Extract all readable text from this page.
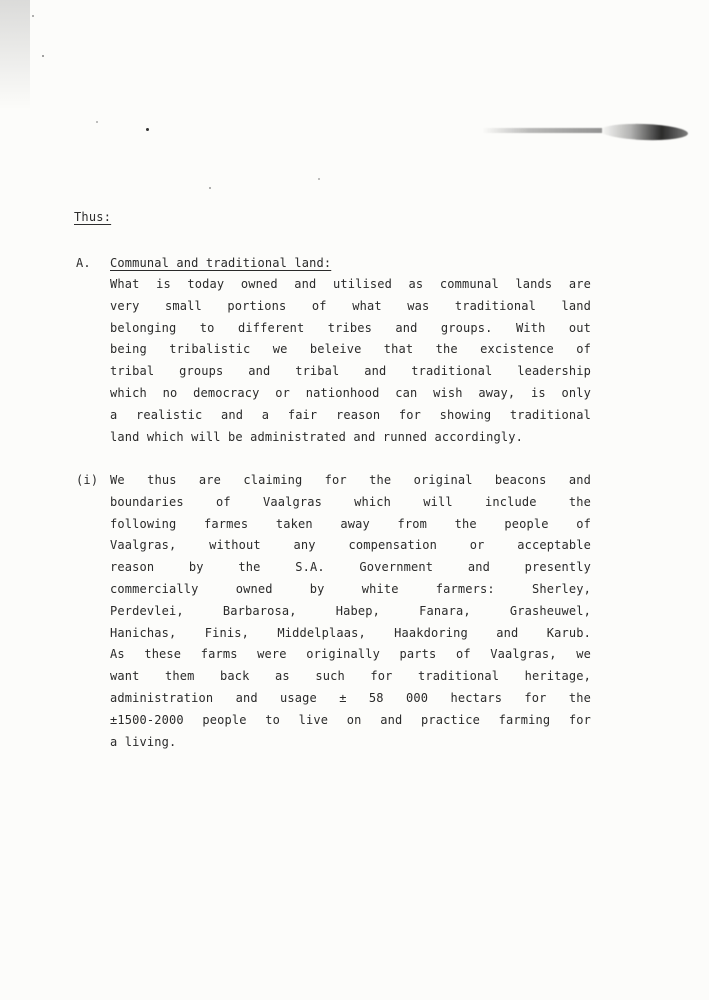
Thus:
A. Communal and traditional land:
What is today owned and utilised as communal lands are
very small portions of what was traditional land
belonging to different tribes and groups. With out
being tribalistic we beleive that the excistence of
tribal groups and tribal and traditional leadership
which no democracy or nationhood can wish away, is only
a realistic and a fair reason for showing traditional
land which will be administrated and runned accordingly.
(i) We thus are claiming for the original beacons and
boundaries of Vaalgras which will include the
following farmes taken away from the people of
Vaalgras, without any compensation or acceptable
reason by the S.A. Government and presently
commercially owned by white farmers: Sherley,
Perdevlei, Barbarosa, Habep, Fanara, Grasheuwel,
Hanichas, Finis, Middelplaas, Haakdoring and Karub.
As these farms were originally parts of Vaalgras, we
want them back as such for traditional heritage,
administration and usage ± 58 000 hectars for the
±1500-2000 people to live on and practice farming for
a living.
